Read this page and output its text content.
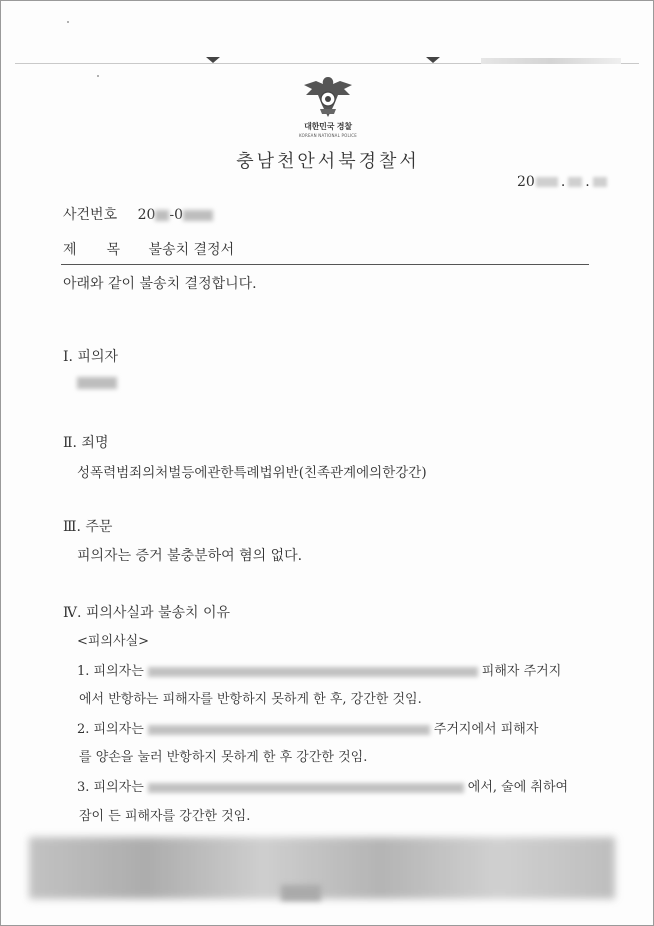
대한민국 경찰
KOREAN NATIONAL POLICE
충남천안서북경찰서
20 . .
사건번호 20 -0
제목 불송치 결정서
아래와 같이 불송치 결정합니다.
Ⅰ. 피의자
Ⅱ. 죄명
성폭력범죄의처벌등에관한특례법위반(친족관계에의한강간)
Ⅲ. 주문
피의자는 증거 불충분하여 혐의 없다.
Ⅳ. 피의사실과 불송치 이유
<피의사실>
1. 피의자는	피해자 주거지
에서 반항하는 피해자를 반항하지 못하게 한 후, 강간한 것임.
2. 피의자는	주거지에서 피해자
를 양손을 눌러 반항하지 못하게 한 후 강간한 것임.
3. 피의자는	에서, 술에 취하여
잠이 든 피해자를 강간한 것임.
